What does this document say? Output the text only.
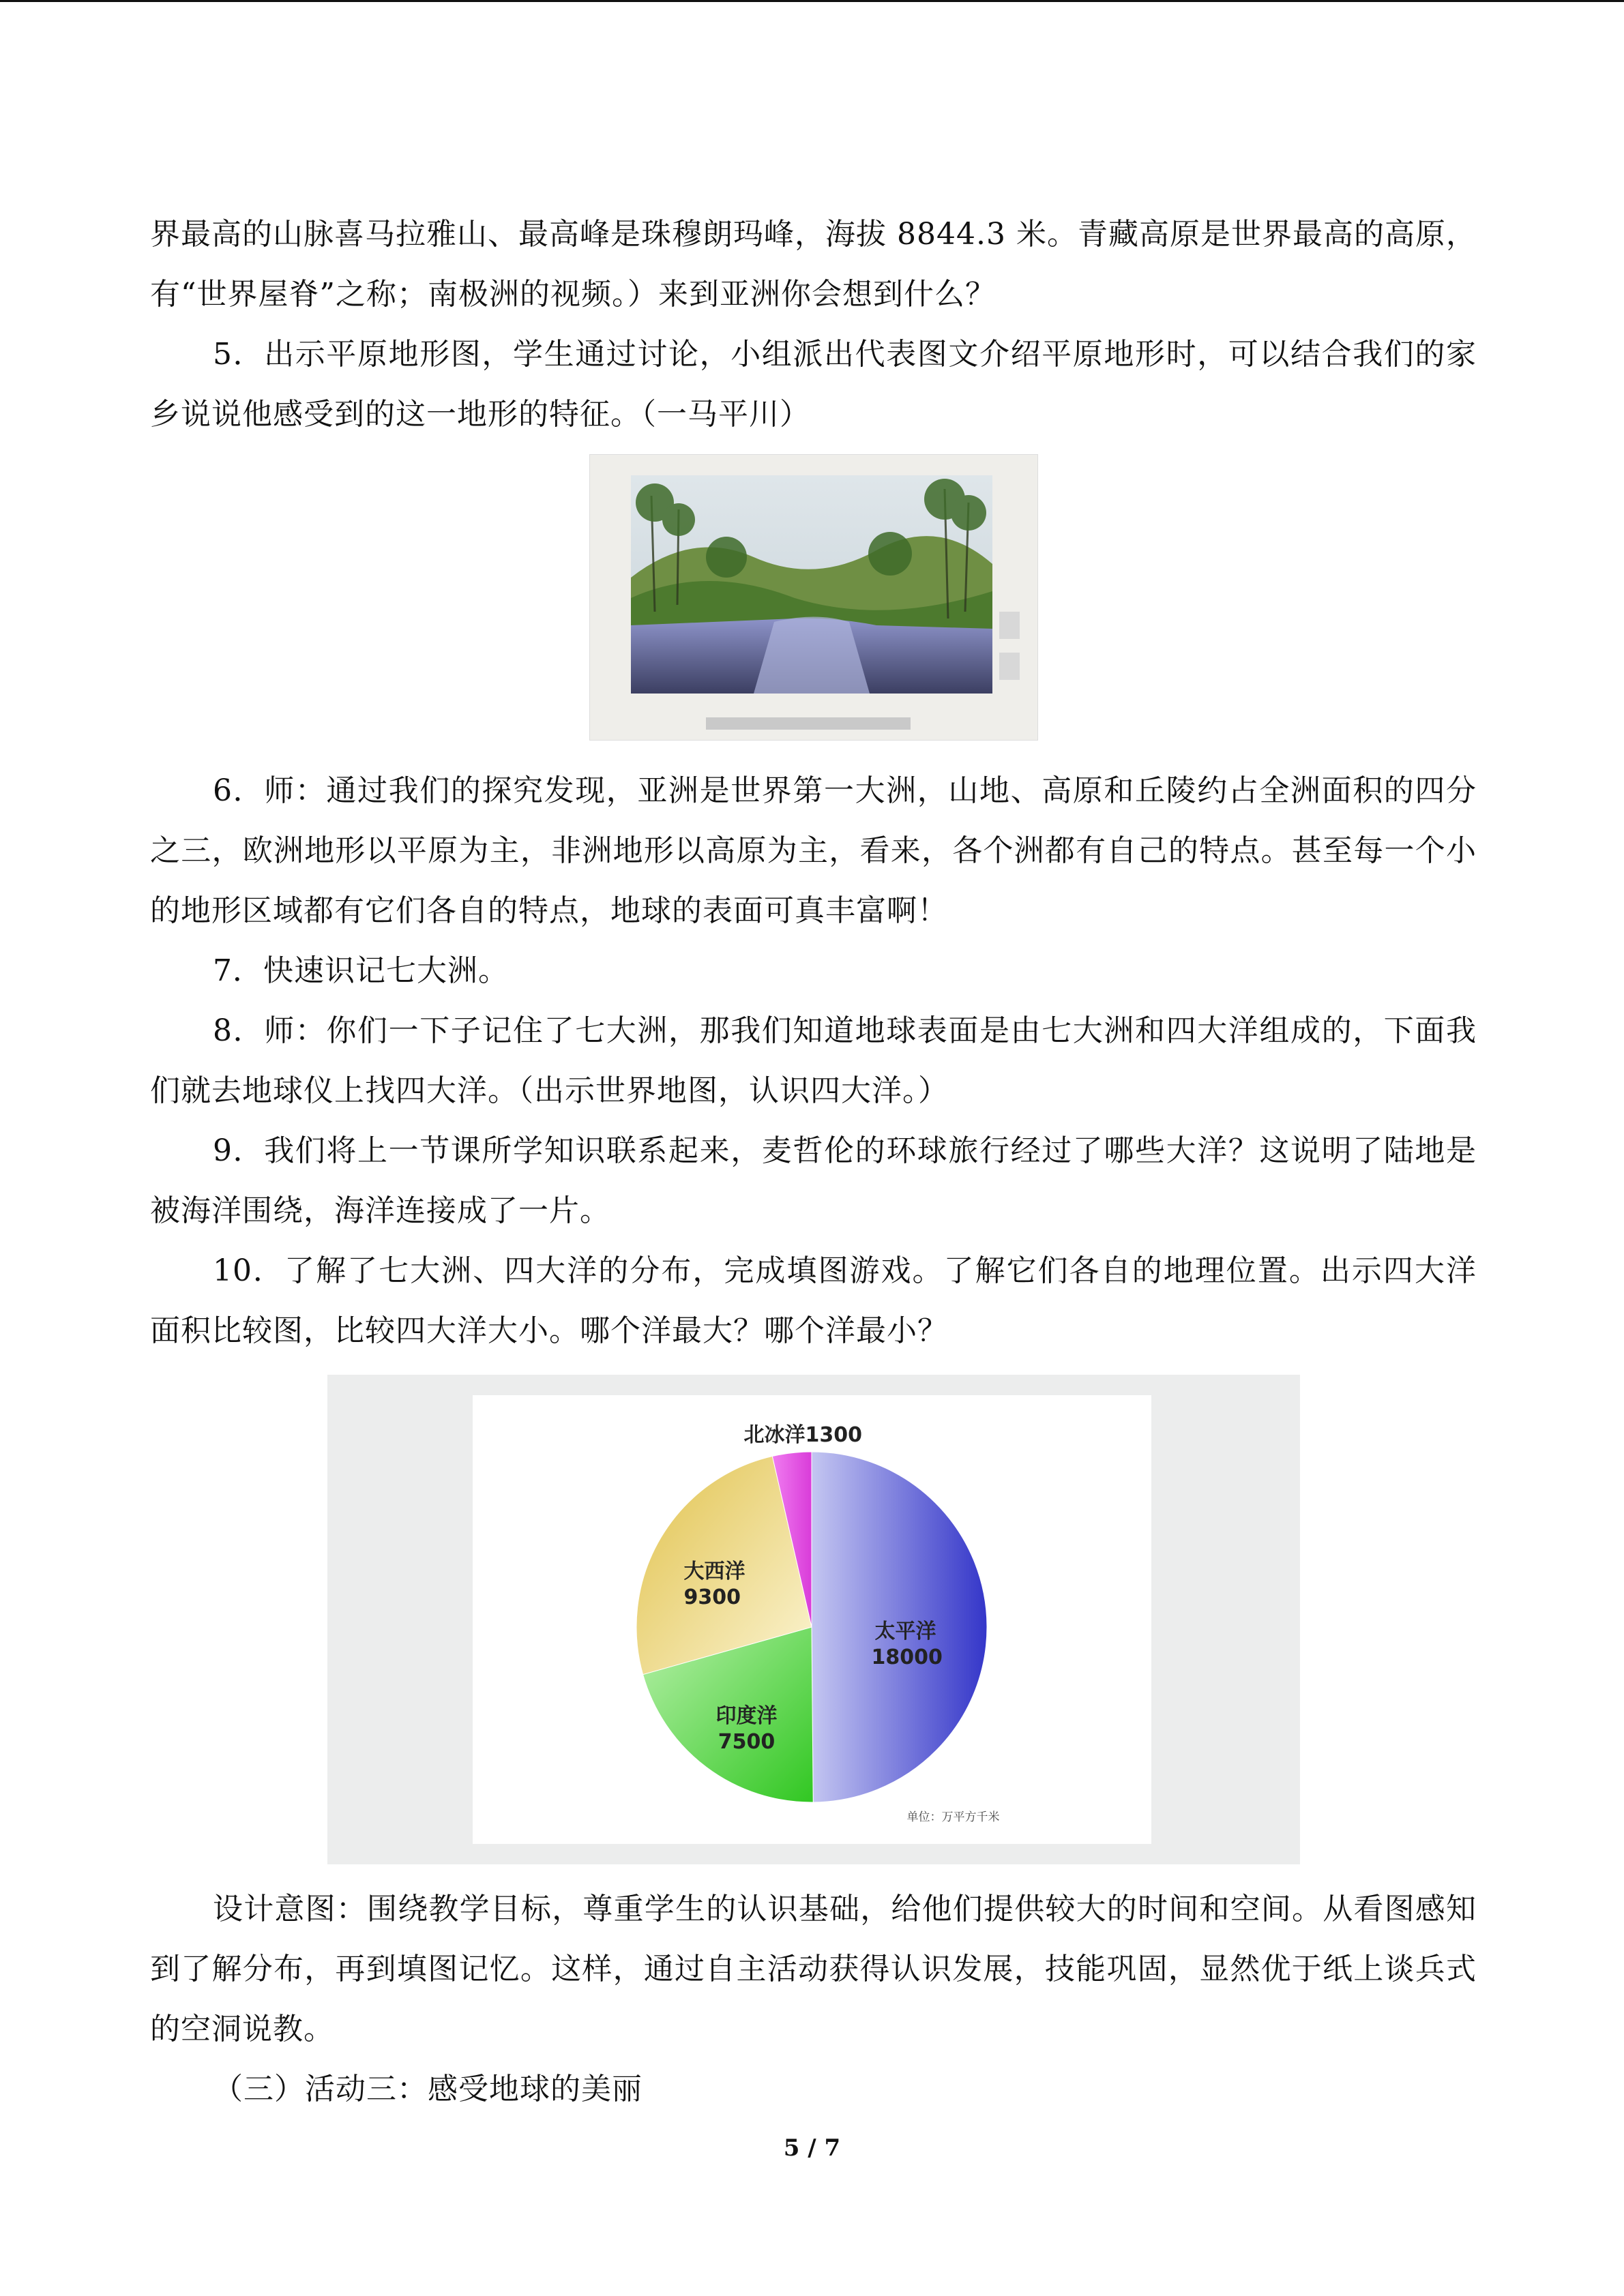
界最高的山脉喜马拉雅山、最高峰是珠穆朗玛峰，海拔 8844.3 米。青藏高原是世界最高的高原，有“世界屋脊”之称；南极洲的视频。）来到亚洲你会想到什么？

5．出示平原地形图，学生通过讨论，小组派出代表图文介绍平原地形时，可以结合我们的家乡说说他感受到的这一地形的特征。（一马平川）

6．师：通过我们的探究发现，亚洲是世界第一大洲，山地、高原和丘陵约占全洲面积的四分之三，欧洲地形以平原为主，非洲地形以高原为主，看来，各个洲都有自己的特点。甚至每一个小的地形区域都有它们各自的特点，地球的表面可真丰富啊！

7．快速识记七大洲。

8．师：你们一下子记住了七大洲，那我们知道地球表面是由七大洲和四大洋组成的，下面我们就去地球仪上找四大洋。（出示世界地图，认识四大洋。）

9．我们将上一节课所学知识联系起来，麦哲伦的环球旅行经过了哪些大洋？这说明了陆地是被海洋围绕，海洋连接成了一片。

10．了解了七大洲、四大洋的分布，完成填图游戏。了解它们各自的地理位置。出示四大洋面积比较图，比较四大洋大小。哪个洋最大？哪个洋最小？

太平洋
18000
印度洋
7500
大西洋
9300
北冰洋1300
单位：万平方千米

设计意图：围绕教学目标，尊重学生的认识基础，给他们提供较大的时间和空间。从看图感知到了解分布，再到填图记忆。这样，通过自主活动获得认识发展，技能巩固，显然优于纸上谈兵式的空洞说教。

（三）活动三：感受地球的美丽

5 / 7
